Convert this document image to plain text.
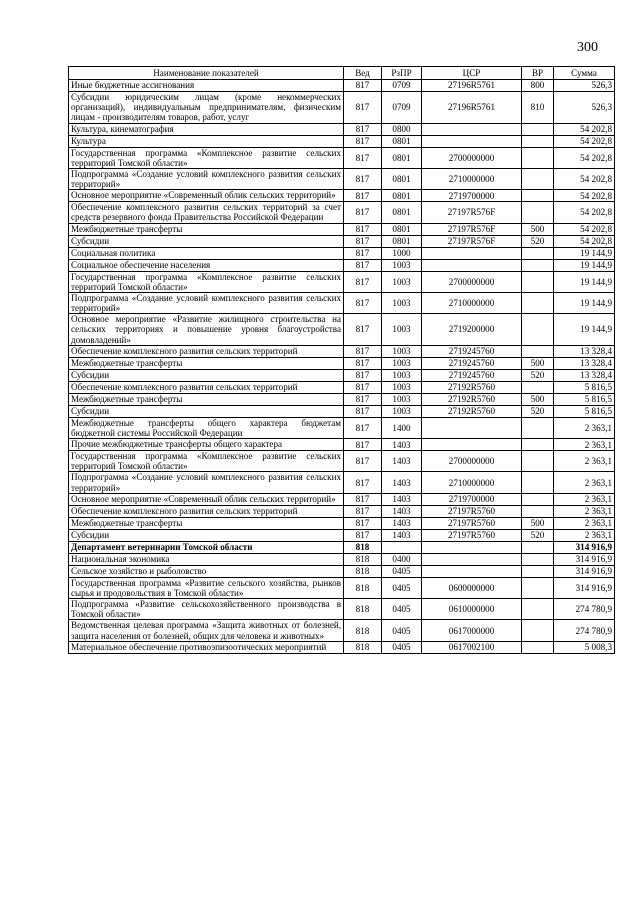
300
Наименование показателей	Вед	РзПР	ЦСР	ВР	Сумма
Иные бюджетные ассигнования	817	0709	27196R5761	800	526,3
Субсидии юридическим лицам (кроме некоммерческих организаций), индивидуальным предпринимателям, физическим лицам - производителям товаров, работ, услуг	817	0709	27196R5761	810	526,3
Культура, кинематография	817	0800			54 202,8
Культура	817	0801			54 202,8
Государственная программа «Комплексное развитие сельских территорий Томской области»	817	0801	2700000000		54 202,8
Подпрограмма «Создание условий комплексного развития сельских территорий»	817	0801	2710000000		54 202,8
Основное мероприятие «Современный облик сельских территорий»	817	0801	2719700000		54 202,8
Обеспечение комплексного развития сельских территорий за счет средств резервного фонда Правительства Российской Федерации	817	0801	27197R576F		54 202,8
Межбюджетные трансферты	817	0801	27197R576F	500	54 202,8
Субсидии	817	0801	27197R576F	520	54 202,8
Социальная политика	817	1000			19 144,9
Социальное обеспечение населения	817	1003			19 144,9
Государственная программа «Комплексное развитие сельских территорий Томской области»	817	1003	2700000000		19 144,9
Подпрограмма «Создание условий комплексного развития сельских территорий»	817	1003	2710000000		19 144,9
Основное мероприятие «Развитие жилищного строительства на сельских территориях и повышение уровня благоустройства домовладений»	817	1003	2719200000		19 144,9
Обеспечение комплексного развития сельских территорий	817	1003	2719245760		13 328,4
Межбюджетные трансферты	817	1003	2719245760	500	13 328,4
Субсидии	817	1003	2719245760	520	13 328,4
Обеспечение комплексного развития сельских территорий	817	1003	27192R5760		5 816,5
Межбюджетные трансферты	817	1003	27192R5760	500	5 816,5
Субсидии	817	1003	27192R5760	520	5 816,5
Межбюджетные трансферты общего характера бюджетам бюджетной системы Российской Федерации	817	1400			2 363,1
Прочие межбюджетные трансферты общего характера	817	1403			2 363,1
Государственная программа «Комплексное развитие сельских территорий Томской области»	817	1403	2700000000		2 363,1
Подпрограмма «Создание условий комплексного развития сельских территорий»	817	1403	2710000000		2 363,1
Основное мероприятие «Современный облик сельских территорий»	817	1403	2719700000		2 363,1
Обеспечение комплексного развития сельских территорий	817	1403	27197R5760		2 363,1
Межбюджетные трансферты	817	1403	27197R5760	500	2 363,1
Субсидии	817	1403	27197R5760	520	2 363,1
Департамент ветеринарии Томской области	818				314 916,9
Национальная экономика	818	0400			314 916,9
Сельское хозяйство и рыболовство	818	0405			314 916,9
Государственная программа «Развитие сельского хозяйства, рынков сырья и продовольствия в Томской области»	818	0405	0600000000		314 916,9
Подпрограмма «Развитие сельскохозяйственного производства в Томской области»	818	0405	0610000000		274 780,9
Ведомственная целевая программа «Защита животных от болезней, защита населения от болезней, общих для человека и животных»	818	0405	0617000000		274 780,9
Материальное обеспечение противоэпизоотических мероприятий	818	0405	0617002100		5 008,3
